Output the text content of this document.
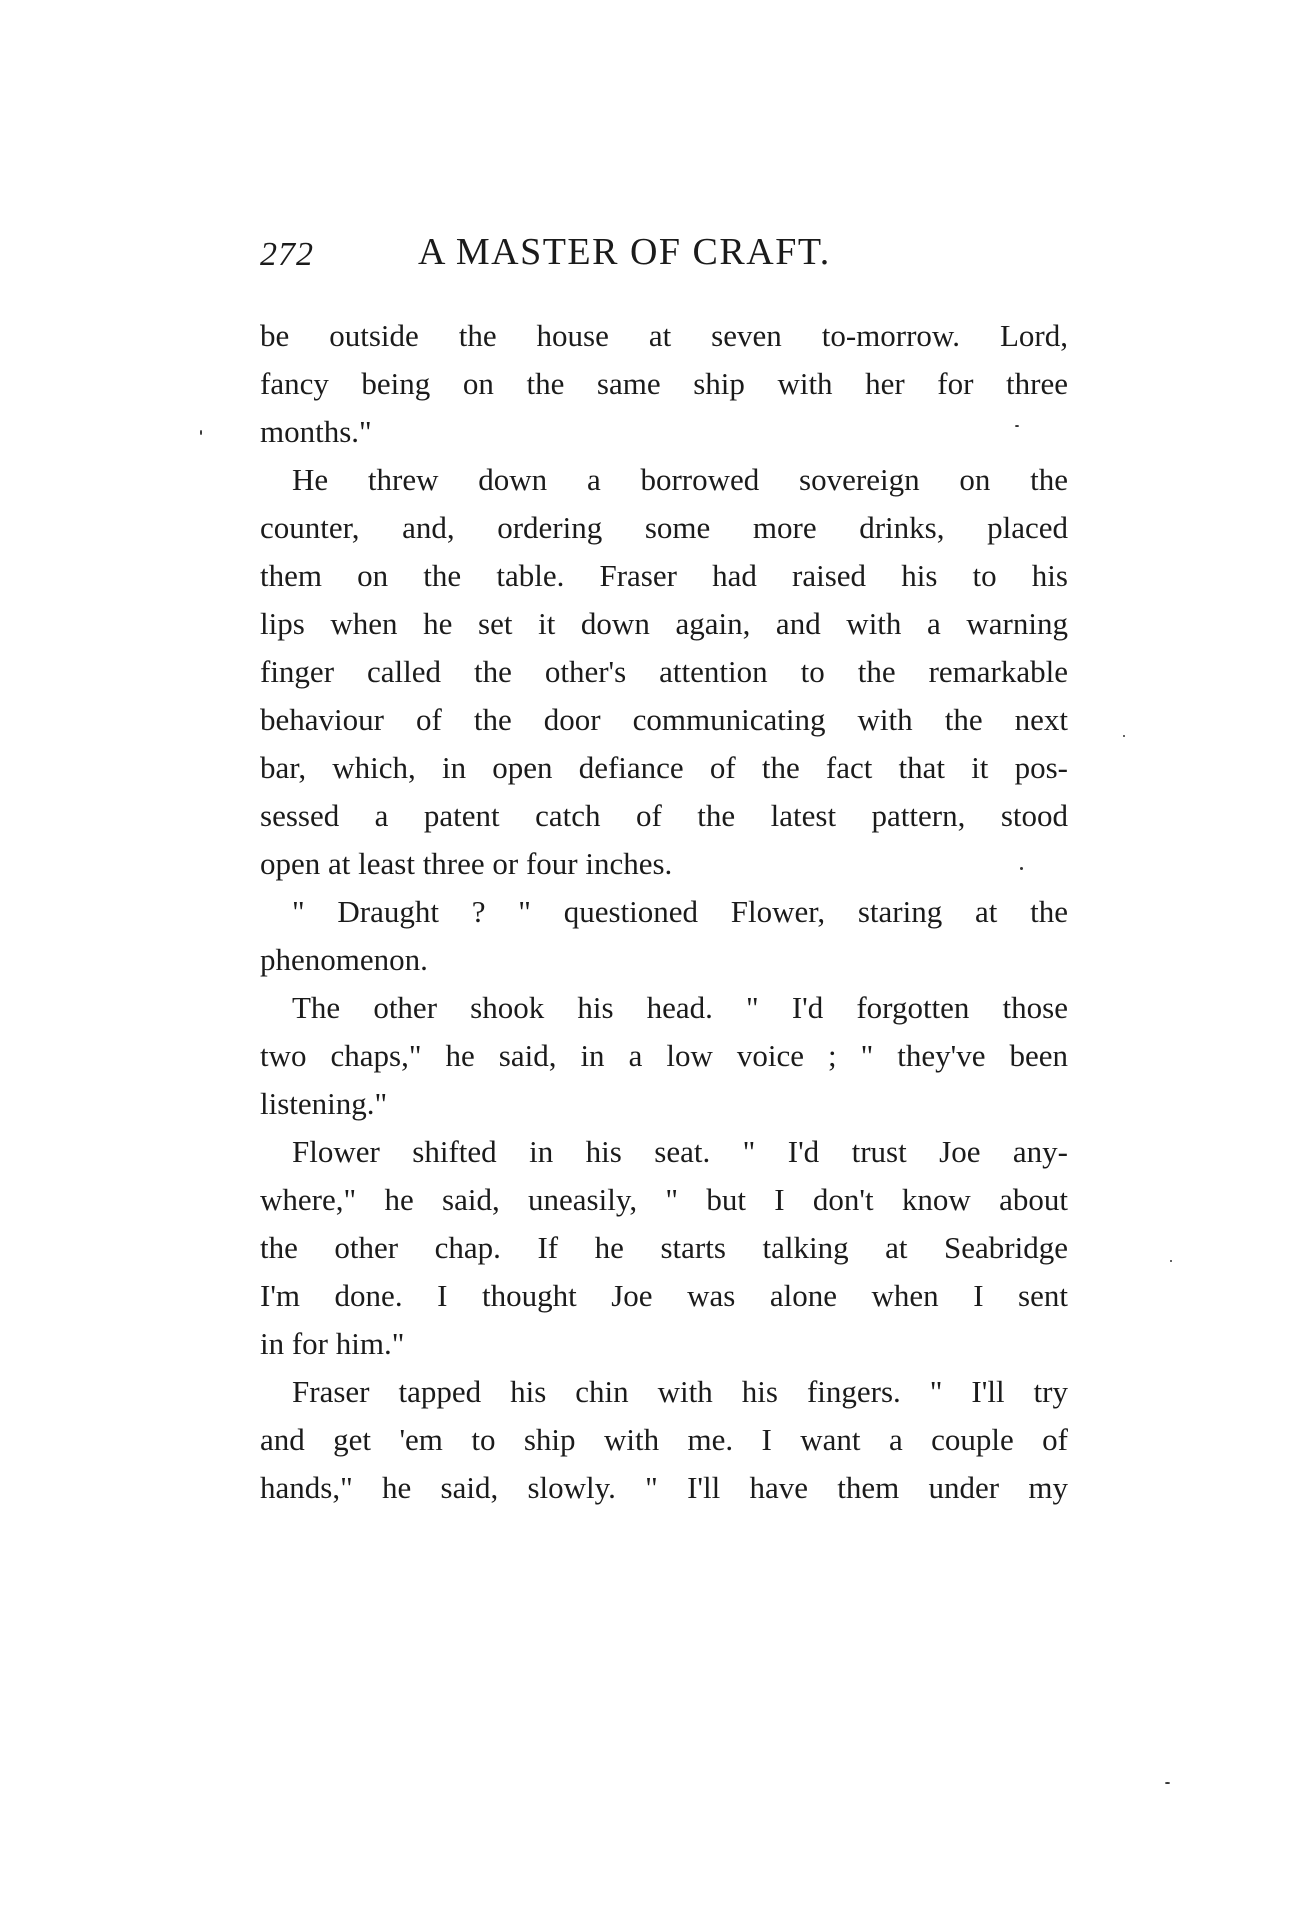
272	A MASTER OF CRAFT.

be outside the house at seven to-morrow. Lord,
fancy being on the same ship with her for three
months."

He threw down a borrowed sovereign on the
counter, and, ordering some more drinks, placed
them on the table. Fraser had raised his to his
lips when he set it down again, and with a warning
finger called the other's attention to the remarkable
behaviour of the door communicating with the next
bar, which, in open defiance of the fact that it pos-
sessed a patent catch of the latest pattern, stood
open at least three or four inches.

" Draught ? " questioned Flower, staring at the
phenomenon.

The other shook his head. " I'd forgotten those
two chaps," he said, in a low voice ; " they've been
listening."

Flower shifted in his seat. " I'd trust Joe any-
where," he said, uneasily, " but I don't know about
the other chap. If he starts talking at Seabridge
I'm done. I thought Joe was alone when I sent
in for him."

Fraser tapped his chin with his fingers. " I'll try
and get 'em to ship with me. I want a couple of
hands," he said, slowly. " I'll have them under my
